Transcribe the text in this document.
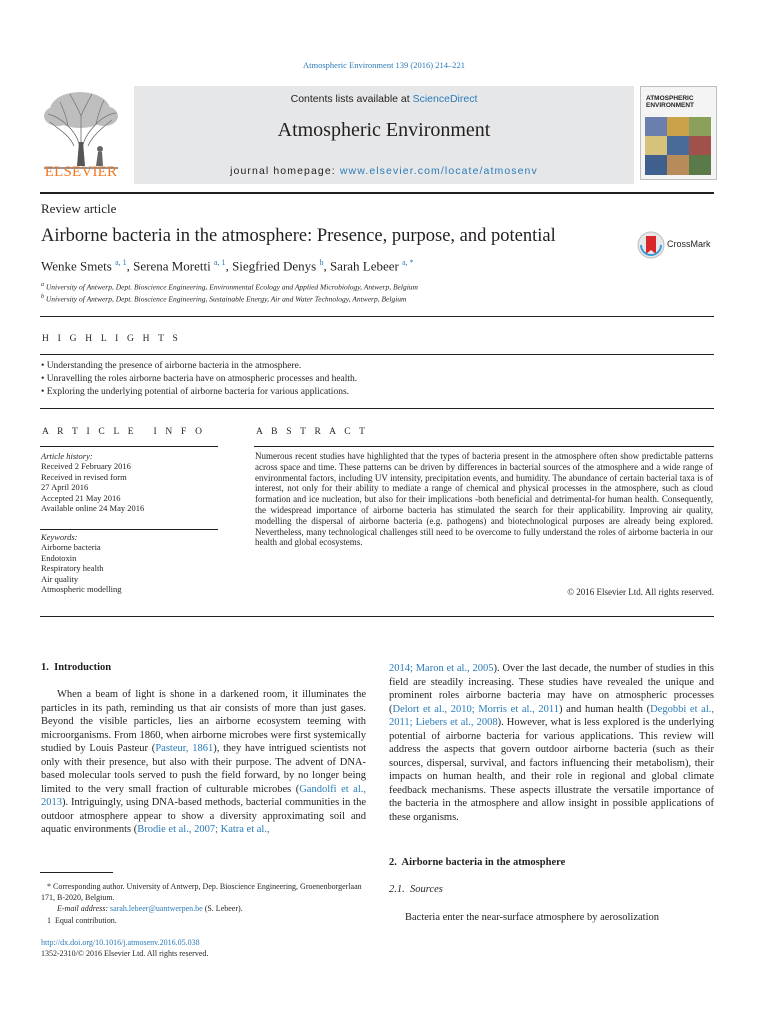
Atmospheric Environment 139 (2016) 214–221
ELSEVIER
Contents lists available at ScienceDirect
Atmospheric Environment
journal homepage: www.elsevier.com/locate/atmosenv
ATMOSPHERIC ENVIRONMENT
Review article
Airborne bacteria in the atmosphere: Presence, purpose, and potential	CrossMark
Wenke Smets $^{a, 1}$, Serena Moretti $^{a, 1}$, Siegfried Denys $^b$, Sarah Lebeer $^{a, *}$
$^a$ University of Antwerp, Dept. Bioscience Engineering, Environmental Ecology and Applied Microbiology, Antwerp, Belgium
$^b$ University of Antwerp, Dept. Bioscience Engineering, Sustainable Energy, Air and Water Technology, Antwerp, Belgium
H I G H L I G H T S
• Understanding the presence of airborne bacteria in the atmosphere.
• Unravelling the roles airborne bacteria have on atmospheric processes and health.
• Exploring the underlying potential of airborne bacteria for various applications.
A R T I C L E   I N F O
Article history:
Received 2 February 2016
Received in revised form
27 April 2016
Accepted 21 May 2016
Available online 24 May 2016
Keywords:
Airborne bacteria
Endotoxin
Respiratory health
Air quality
Atmospheric modelling
A B S T R A C T
Numerous recent studies have highlighted that the types of bacteria present in the atmosphere often show predictable patterns across space and time. These patterns can be driven by differences in bacterial sources of the atmosphere and a wide range of environmental factors, including UV intensity, precipitation events, and humidity. The abundance of certain bacterial taxa is of interest, not only for their ability to mediate a range of chemical and physical processes in the atmosphere, such as cloud formation and ice nucleation, but also for their implications -both beneficial and detrimental-for human health. Consequently, the widespread importance of airborne bacteria has stimulated the search for their applicability. Improving air quality, modelling the dispersal of airborne bacteria (e.g. pathogens) and biotechnological purposes are already being explored. Nevertheless, many technological challenges still need to be overcome to fully understand the roles of airborne bacteria in our health and global ecosystems.
© 2016 Elsevier Ltd. All rights reserved.
1.  Introduction
When a beam of light is shone in a darkened room, it illuminates the particles in its path, reminding us that air consists of more than just gases. Beyond the visible particles, lies an airborne ecosystem teeming with microorganisms. From 1860, when airborne microbes were first systemically studied by Louis Pasteur (Pasteur, 1861), they have intrigued scientists not only with their presence, but also with their purpose. The advent of DNA-based molecular tools served to push the field forward, by no longer being limited to the very small fraction of culturable microbes (Gandolfi et al., 2013). Intriguingly, using DNA-based methods, bacterial communities in the outdoor atmosphere appear to show a diversity approximating soil and aquatic environments (Brodie et al., 2007; Katra et al.,
2014; Maron et al., 2005). Over the last decade, the number of studies in this field are steadily increasing. These studies have revealed the unique and prominent roles airborne bacteria may have on atmospheric processes (Delort et al., 2010; Morris et al., 2011) and human health (Degobbi et al., 2011; Liebers et al., 2008). However, what is less explored is the underlying potential of airborne bacteria for various applications. This review will address the aspects that govern outdoor airborne bacteria (such as their sources, dispersal, survival, and factors influencing their metabolism), their impacts on human health, and their role in regional and global climate feedback mechanisms. These aspects illustrate the versatile importance of the bacteria in the atmosphere and allow insight in possible applications of these organisms.
2.  Airborne bacteria in the atmosphere
2.1.  Sources
Bacteria enter the near-surface atmosphere by aerosolization
* Corresponding author. University of Antwerp, Dep. Bioscience Engineering, Groenenborgerlaan 171, B-2020, Belgium.
E-mail address: sarah.lebeer@uantwerpen.be (S. Lebeer).
1  Equal contribution.
http://dx.doi.org/10.1016/j.atmosenv.2016.05.038
1352-2310/© 2016 Elsevier Ltd. All rights reserved.
